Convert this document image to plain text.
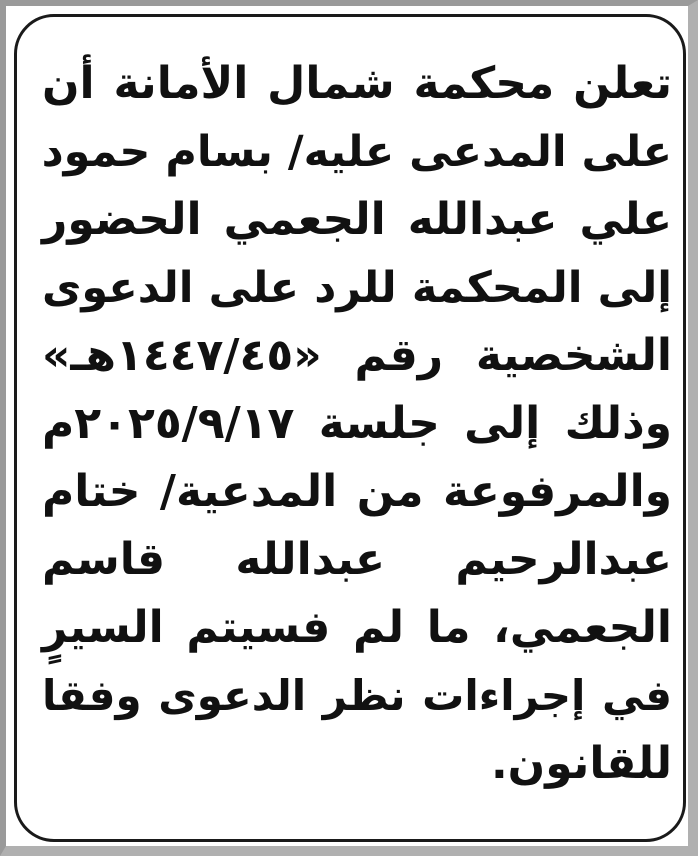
تعلن محكمة شمال الأمانة أن
على المدعى عليه/ بسام حمود
علي عبدالله الجعمي الحضور
إلى المحكمة للرد على الدعوى
الشخصية رقم «١٤٤٧/٤٥هـ»
وذلك إلى جلسة ٢٠٢٥/٩/١٧م
والمرفوعة من المدعية/ ختام
عبدالرحيم عبدالله قاسم
الجعمي، ما لم فسيتم السيرٍ
في إجراءات نظر الدعوى وفقا
للقانون.
